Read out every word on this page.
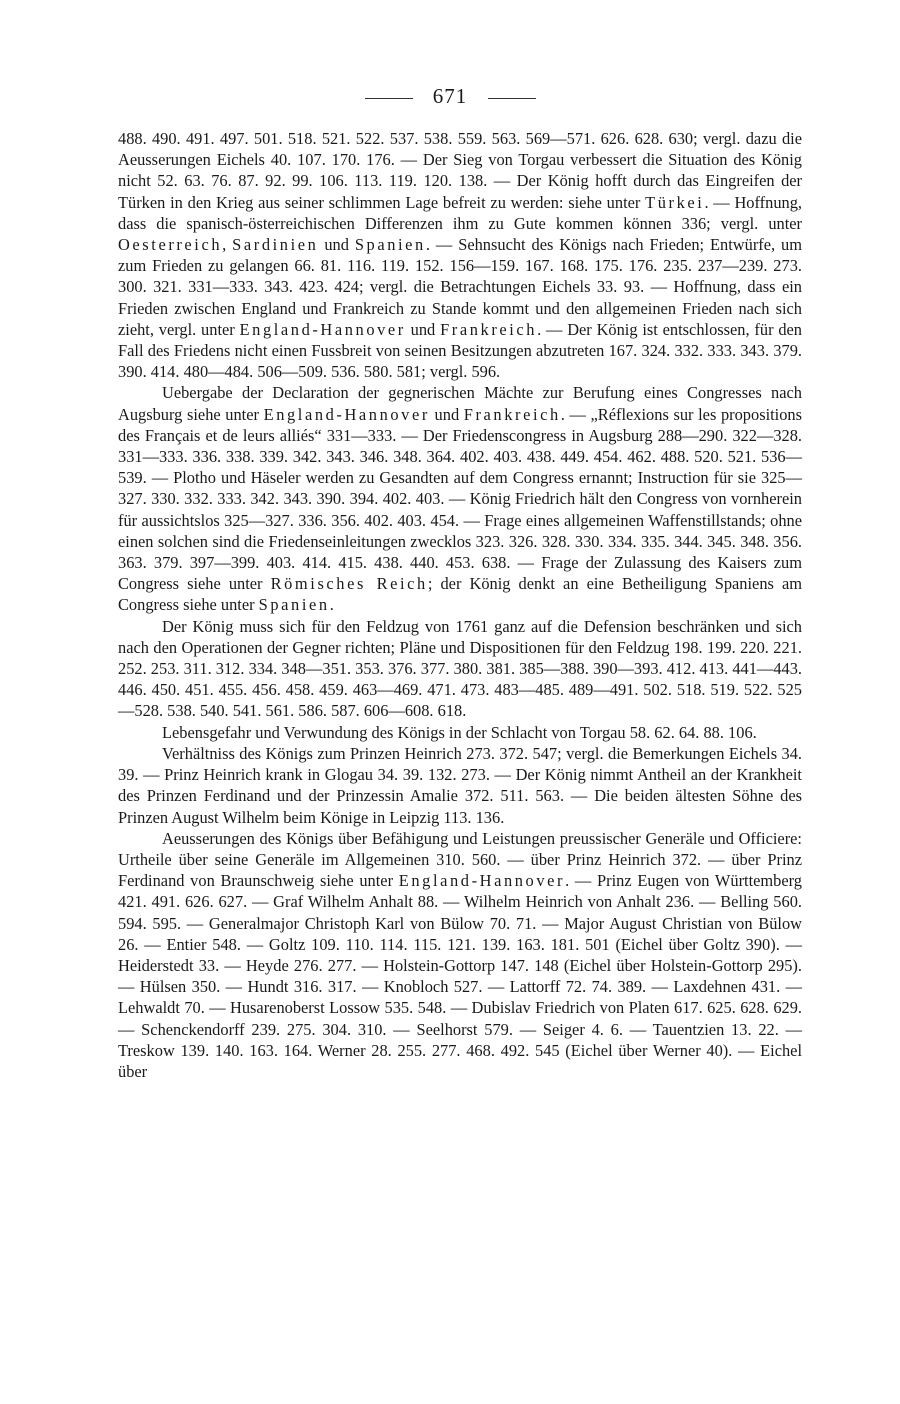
671

488. 490. 491. 497. 501. 518. 521. 522. 537. 538. 559. 563. 569—571. 626. 628. 630; vergl. dazu die Aeusserungen Eichels 40. 107. 170. 176. — Der Sieg von Torgau verbessert die Situation des König nicht 52. 63. 76. 87. 92. 99. 106. 113. 119. 120. 138. — Der König hofft durch das Eingreifen der Türken in den Krieg aus seiner schlimmen Lage befreit zu werden: siehe unter Türkei. — Hoffnung, dass die spanisch-österreichischen Differenzen ihm zu Gute kommen können 336; vergl. unter Oesterreich, Sardinien und Spanien. — Sehnsucht des Königs nach Frieden; Entwürfe, um zum Frieden zu gelangen 66. 81. 116. 119. 152. 156—159. 167. 168. 175. 176. 235. 237—239. 273. 300. 321. 331—333. 343. 423. 424; vergl. die Betrachtungen Eichels 33. 93. — Hoffnung, dass ein Frieden zwischen England und Frankreich zu Stande kommt und den allgemeinen Frieden nach sich zieht, vergl. unter England-Hannover und Frankreich. — Der König ist entschlossen, für den Fall des Friedens nicht einen Fussbreit von seinen Besitzungen abzutreten 167. 324. 332. 333. 343. 379. 390. 414. 480—484. 506—509. 536. 580. 581; vergl. 596.

Uebergabe der Declaration der gegnerischen Mächte zur Berufung eines Congresses nach Augsburg siehe unter England-Hannover und Frankreich. — „Réflexions sur les propositions des Français et de leurs alliés“ 331—333. — Der Friedenscongress in Augsburg 288—290. 322—328. 331—333. 336. 338. 339. 342. 343. 346. 348. 364. 402. 403. 438. 449. 454. 462. 488. 520. 521. 536—539. — Plotho und Häseler werden zu Gesandten auf dem Congress ernannt; Instruction für sie 325—327. 330. 332. 333. 342. 343. 390. 394. 402. 403. — König Friedrich hält den Congress von vornherein für aussichtslos 325—327. 336. 356. 402. 403. 454. — Frage eines allgemeinen Waffenstillstands; ohne einen solchen sind die Friedenseinleitungen zwecklos 323. 326. 328. 330. 334. 335. 344. 345. 348. 356. 363. 379. 397—399. 403. 414. 415. 438. 440. 453. 638. — Frage der Zulassung des Kaisers zum Congress siehe unter Römisches Reich; der König denkt an eine Betheiligung Spaniens am Congress siehe unter Spanien.

Der König muss sich für den Feldzug von 1761 ganz auf die Defension beschränken und sich nach den Operationen der Gegner richten; Pläne und Dispositionen für den Feldzug 198. 199. 220. 221. 252. 253. 311. 312. 334. 348—351. 353. 376. 377. 380. 381. 385—388. 390—393. 412. 413. 441—443. 446. 450. 451. 455. 456. 458. 459. 463—469. 471. 473. 483—485. 489—491. 502. 518. 519. 522. 525—528. 538. 540. 541. 561. 586. 587. 606—608. 618.

Lebensgefahr und Verwundung des Königs in der Schlacht von Torgau 58. 62. 64. 88. 106.

Verhältniss des Königs zum Prinzen Heinrich 273. 372. 547; vergl. die Bemerkungen Eichels 34. 39. — Prinz Heinrich krank in Glogau 34. 39. 132. 273. — Der König nimmt Antheil an der Krankheit des Prinzen Ferdinand und der Prinzessin Amalie 372. 511. 563. — Die beiden ältesten Söhne des Prinzen August Wilhelm beim Könige in Leipzig 113. 136.

Aeusserungen des Königs über Befähigung und Leistungen preussischer Generäle und Officiere: Urtheile über seine Generäle im Allgemeinen 310. 560. — über Prinz Heinrich 372. — über Prinz Ferdinand von Braunschweig siehe unter England-Hannover. — Prinz Eugen von Württemberg 421. 491. 626. 627. — Graf Wilhelm Anhalt 88. — Wilhelm Heinrich von Anhalt 236. — Belling 560. 594. 595. — Generalmajor Christoph Karl von Bülow 70. 71. — Major August Christian von Bülow 26. — Entier 548. — Goltz 109. 110. 114. 115. 121. 139. 163. 181. 501 (Eichel über Goltz 390). — Heiderstedt 33. — Heyde 276. 277. — Holstein-Gottorp 147. 148 (Eichel über Holstein-Gottorp 295). — Hülsen 350. — Hundt 316. 317. — Knobloch 527. — Lattorff 72. 74. 389. — Laxdehnen 431. — Lehwaldt 70. — Husarenoberst Lossow 535. 548. — Dubislav Friedrich von Platen 617. 625. 628. 629. — Schenckendorff 239. 275. 304. 310. — Seelhorst 579. — Seiger 4. 6. — Tauentzien 13. 22. — Treskow 139. 140. 163. 164. Werner 28. 255. 277. 468. 492. 545 (Eichel über Werner 40). — Eichel über
